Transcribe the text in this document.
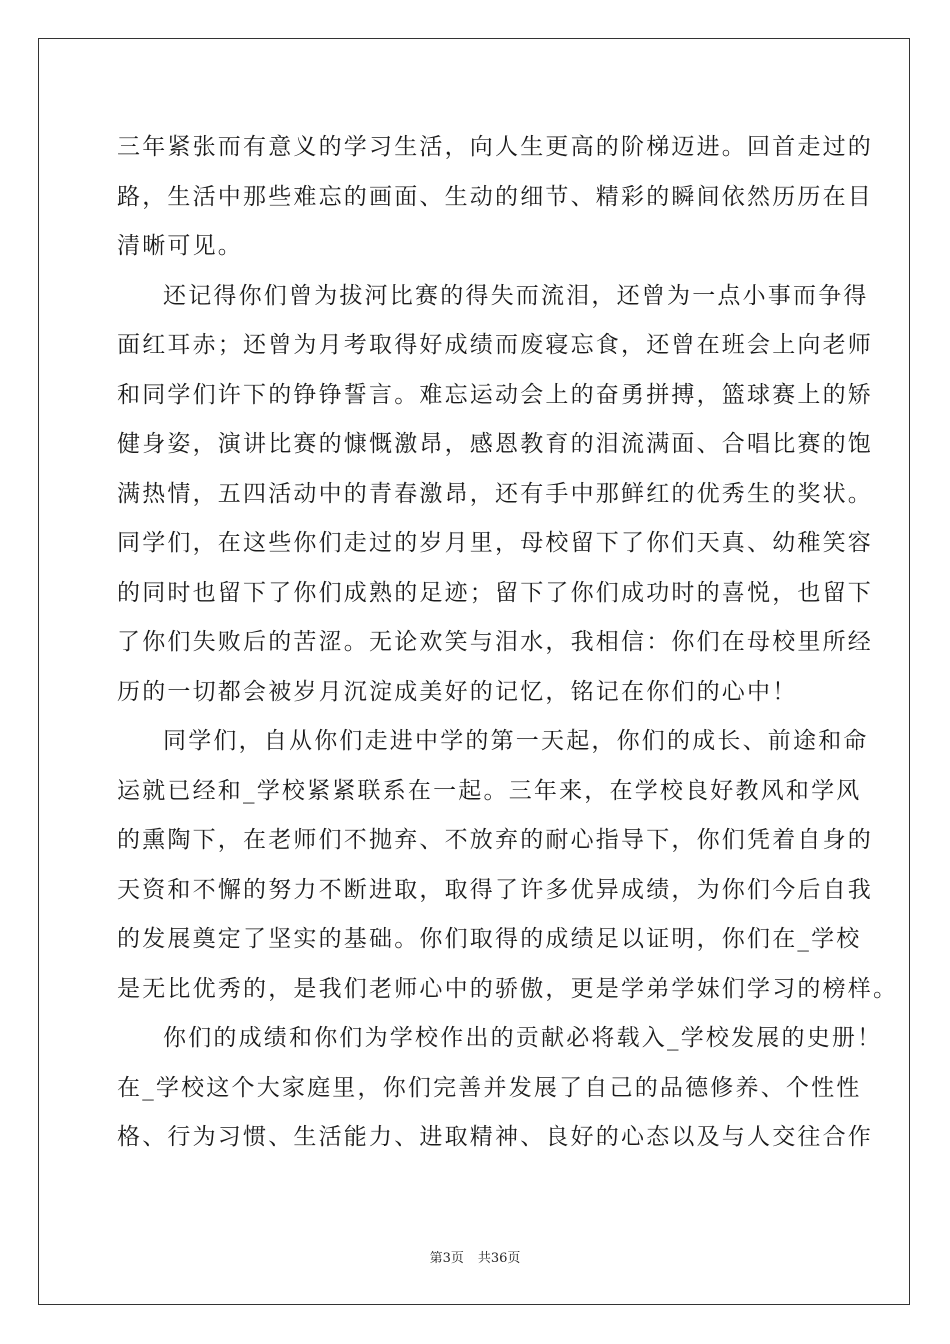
三年紧张而有意义的学习生活，向人生更高的阶梯迈进。回首走过的
路，生活中那些难忘的画面、生动的细节、精彩的瞬间依然历历在目
清晰可见。
还记得你们曾为拔河比赛的得失而流泪，还曾为一点小事而争得
面红耳赤；还曾为月考取得好成绩而废寝忘食，还曾在班会上向老师
和同学们许下的铮铮誓言。难忘运动会上的奋勇拼搏，篮球赛上的矫
健身姿，演讲比赛的慷慨激昂，感恩教育的泪流满面、合唱比赛的饱
满热情，五四活动中的青春激昂，还有手中那鲜红的优秀生的奖状。
同学们，在这些你们走过的岁月里，母校留下了你们天真、幼稚笑容
的同时也留下了你们成熟的足迹；留下了你们成功时的喜悦，也留下
了你们失败后的苦涩。无论欢笑与泪水，我相信：你们在母校里所经
历的一切都会被岁月沉淀成美好的记忆，铭记在你们的心中！
同学们，自从你们走进中学的第一天起，你们的成长、前途和命
运就已经和_学校紧紧联系在一起。三年来，在学校良好教风和学风
的熏陶下，在老师们不抛弃、不放弃的耐心指导下，你们凭着自身的
天资和不懈的努力不断进取，取得了许多优异成绩，为你们今后自我
的发展奠定了坚实的基础。你们取得的成绩足以证明，你们在_学校
是无比优秀的，是我们老师心中的骄傲，更是学弟学妹们学习的榜样。
你们的成绩和你们为学校作出的贡献必将载入_学校发展的史册！
在_学校这个大家庭里，你们完善并发展了自己的品德修养、个性性
格、行为习惯、生活能力、进取精神、良好的心态以及与人交往合作
第3页 共36页
